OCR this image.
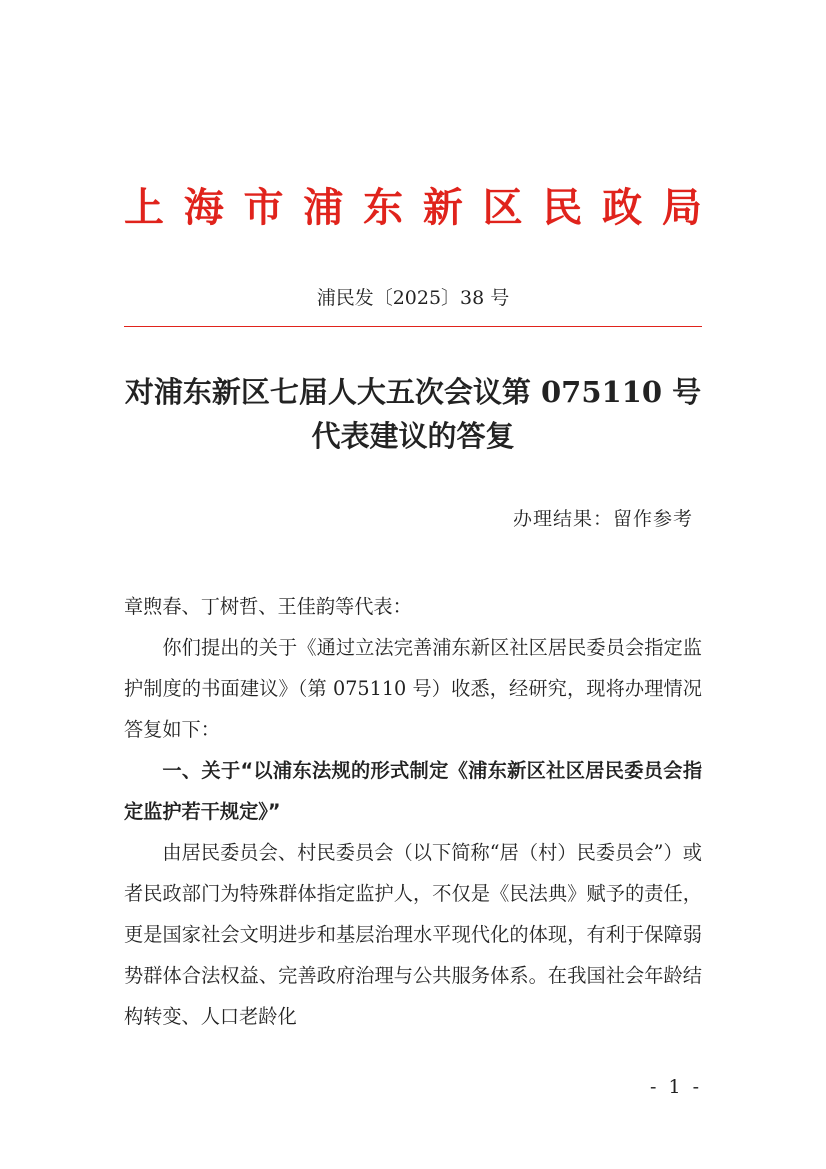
上 海 市 浦 东 新 区 民 政 局
浦民发〔2025〕38 号
对浦东新区七届人大五次会议第 075110 号
代表建议的答复
办理结果：留作参考

章煦春、丁树哲、王佳韵等代表：

你们提出的关于《通过立法完善浦东新区社区居民委员会指定监护制度的书面建议》（第 075110 号）收悉，经研究，现将办理情况答复如下：

一、关于“以浦东法规的形式制定《浦东新区社区居民委员会指定监护若干规定》”

由居民委员会、村民委员会（以下简称“居（村）民委员会”）或者民政部门为特殊群体指定监护人，不仅是《民法典》赋予的责任，更是国家社会文明进步和基层治理水平现代化的体现，有利于保障弱势群体合法权益、完善政府治理与公共服务体系。在我国社会年龄结构转变、人口老龄化

- 1 -
